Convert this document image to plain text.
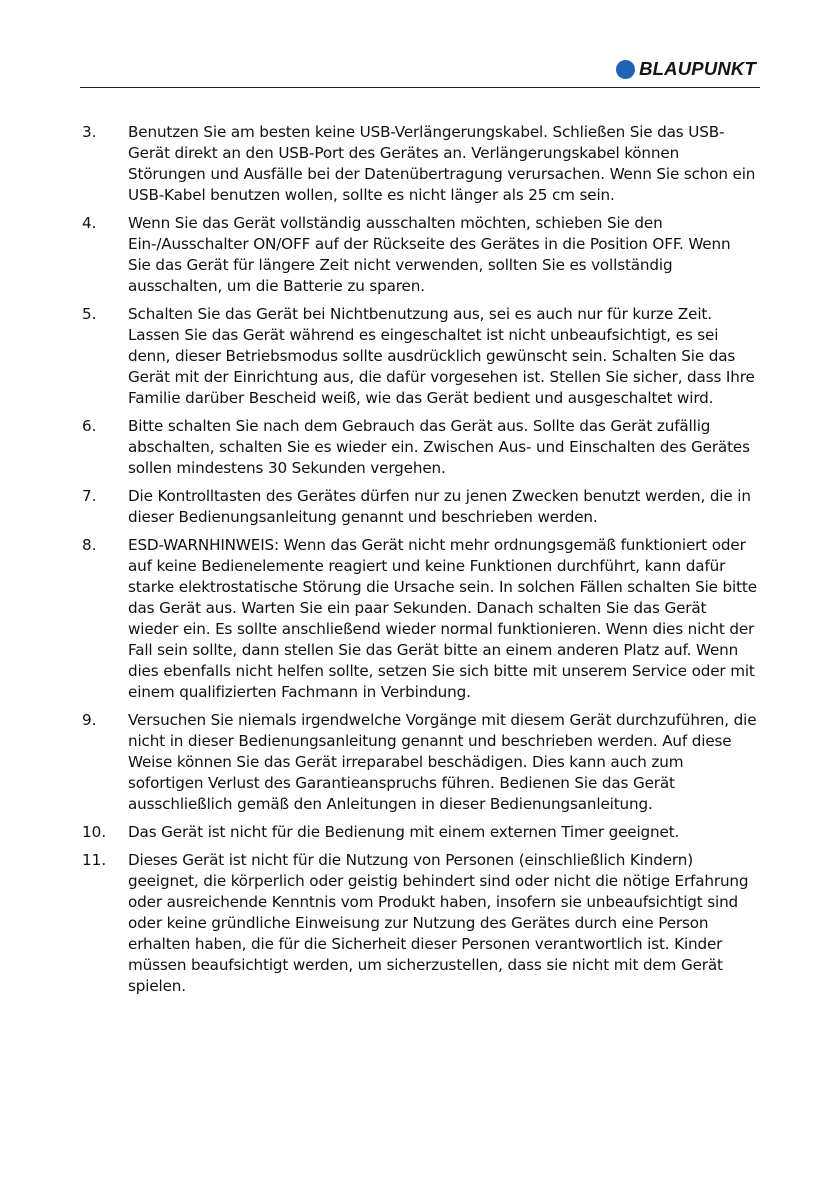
BLAUPUNKT
3.	Benutzen Sie am besten keine USB-Verlängerungskabel. Schließen Sie das USB-Gerät direkt an den USB-Port des Gerätes an. Verlängerungskabel können Störungen und Ausfälle bei der Datenübertragung verursachen. Wenn Sie schon ein USB-Kabel benutzen wollen, sollte es nicht länger als 25 cm sein.
4.	Wenn Sie das Gerät vollständig ausschalten möchten, schieben Sie den Ein-/Ausschalter ON/OFF auf der Rückseite des Gerätes in die Position OFF. Wenn Sie das Gerät für längere Zeit nicht verwenden, sollten Sie es vollständig ausschalten, um die Batterie zu sparen.
5.	Schalten Sie das Gerät bei Nichtbenutzung aus, sei es auch nur für kurze Zeit. Lassen Sie das Gerät während es eingeschaltet ist nicht unbeaufsichtigt, es sei denn, dieser Betriebsmodus sollte ausdrücklich gewünscht sein. Schalten Sie das Gerät mit der Einrichtung aus, die dafür vorgesehen ist. Stellen Sie sicher, dass Ihre Familie darüber Bescheid weiß, wie das Gerät bedient und ausgeschaltet wird.
6.	Bitte schalten Sie nach dem Gebrauch das Gerät aus. Sollte das Gerät zufällig abschalten, schalten Sie es wieder ein. Zwischen Aus- und Einschalten des Gerätes sollen mindestens 30 Sekunden vergehen.
7.	Die Kontrolltasten des Gerätes dürfen nur zu jenen Zwecken benutzt werden, die in dieser Bedienungsanleitung genannt und beschrieben werden.
8.	ESD-WARNHINWEIS: Wenn das Gerät nicht mehr ordnungsgemäß funktioniert oder auf keine Bedienelemente reagiert und keine Funktionen durchführt, kann dafür starke elektrostatische Störung die Ursache sein. In solchen Fällen schalten Sie bitte das Gerät aus. Warten Sie ein paar Sekunden. Danach schalten Sie das Gerät wieder ein. Es sollte anschließend wieder normal funktionieren. Wenn dies nicht der Fall sein sollte, dann stellen Sie das Gerät bitte an einem anderen Platz auf. Wenn dies ebenfalls nicht helfen sollte, setzen Sie sich bitte mit unserem Service oder mit einem qualifizierten Fachmann in Verbindung.
9.	Versuchen Sie niemals irgendwelche Vorgänge mit diesem Gerät durchzuführen, die nicht in dieser Bedienungsanleitung genannt und beschrieben werden. Auf diese Weise können Sie das Gerät irreparabel beschädigen. Dies kann auch zum sofortigen Verlust des Garantieanspruchs führen. Bedienen Sie das Gerät ausschließlich gemäß den Anleitungen in dieser Bedienungsanleitung.
10.	Das Gerät ist nicht für die Bedienung mit einem externen Timer geeignet.
11.	Dieses Gerät ist nicht für die Nutzung von Personen (einschließlich Kindern) geeignet, die körperlich oder geistig behindert sind oder nicht die nötige Erfahrung oder ausreichende Kenntnis vom Produkt haben, insofern sie unbeaufsichtigt sind oder keine gründliche Einweisung zur Nutzung des Gerätes durch eine Person erhalten haben, die für die Sicherheit dieser Personen verantwortlich ist. Kinder müssen beaufsichtigt werden, um sicherzustellen, dass sie nicht mit dem Gerät spielen.
